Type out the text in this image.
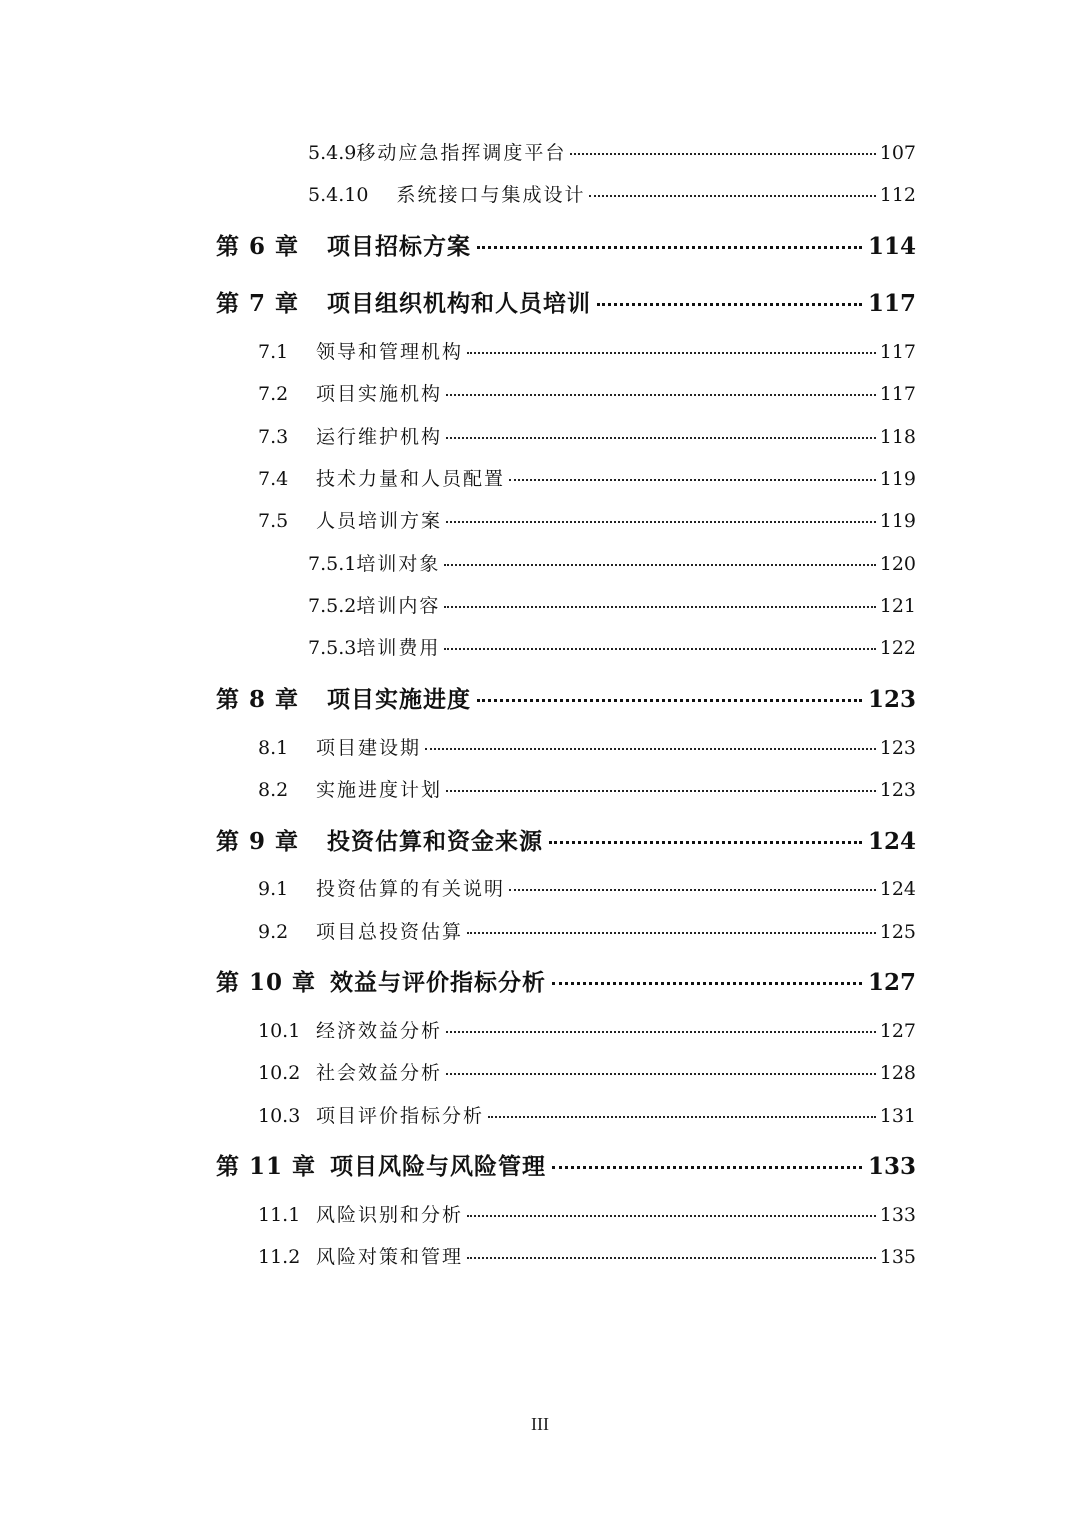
5.4.9 移动应急指挥调度平台	107
5.4.10 系统接口与集成设计	112
第 6 章 项目招标方案	114
第 7 章 项目组织机构和人员培训	117
7.1	领导和管理机构	117
7.2	项目实施机构	117
7.3	运行维护机构	118
7.4	技术力量和人员配置	119
7.5	人员培训方案	119
7.5.1 培训对象	120
7.5.2 培训内容	121
7.5.3 培训费用	122
第 8 章 项目实施进度	123
8.1	项目建设期	123
8.2	实施进度计划	123
第 9 章 投资估算和资金来源	124
9.1	投资估算的有关说明	124
9.2	项目总投资估算	125
第 10 章 效益与评价指标分析	127
10.1 经济效益分析	127
10.2 社会效益分析	128
10.3 项目评价指标分析	131
第 11 章 项目风险与风险管理	133
11.1 风险识别和分析	133
11.2 风险对策和管理	135
III
